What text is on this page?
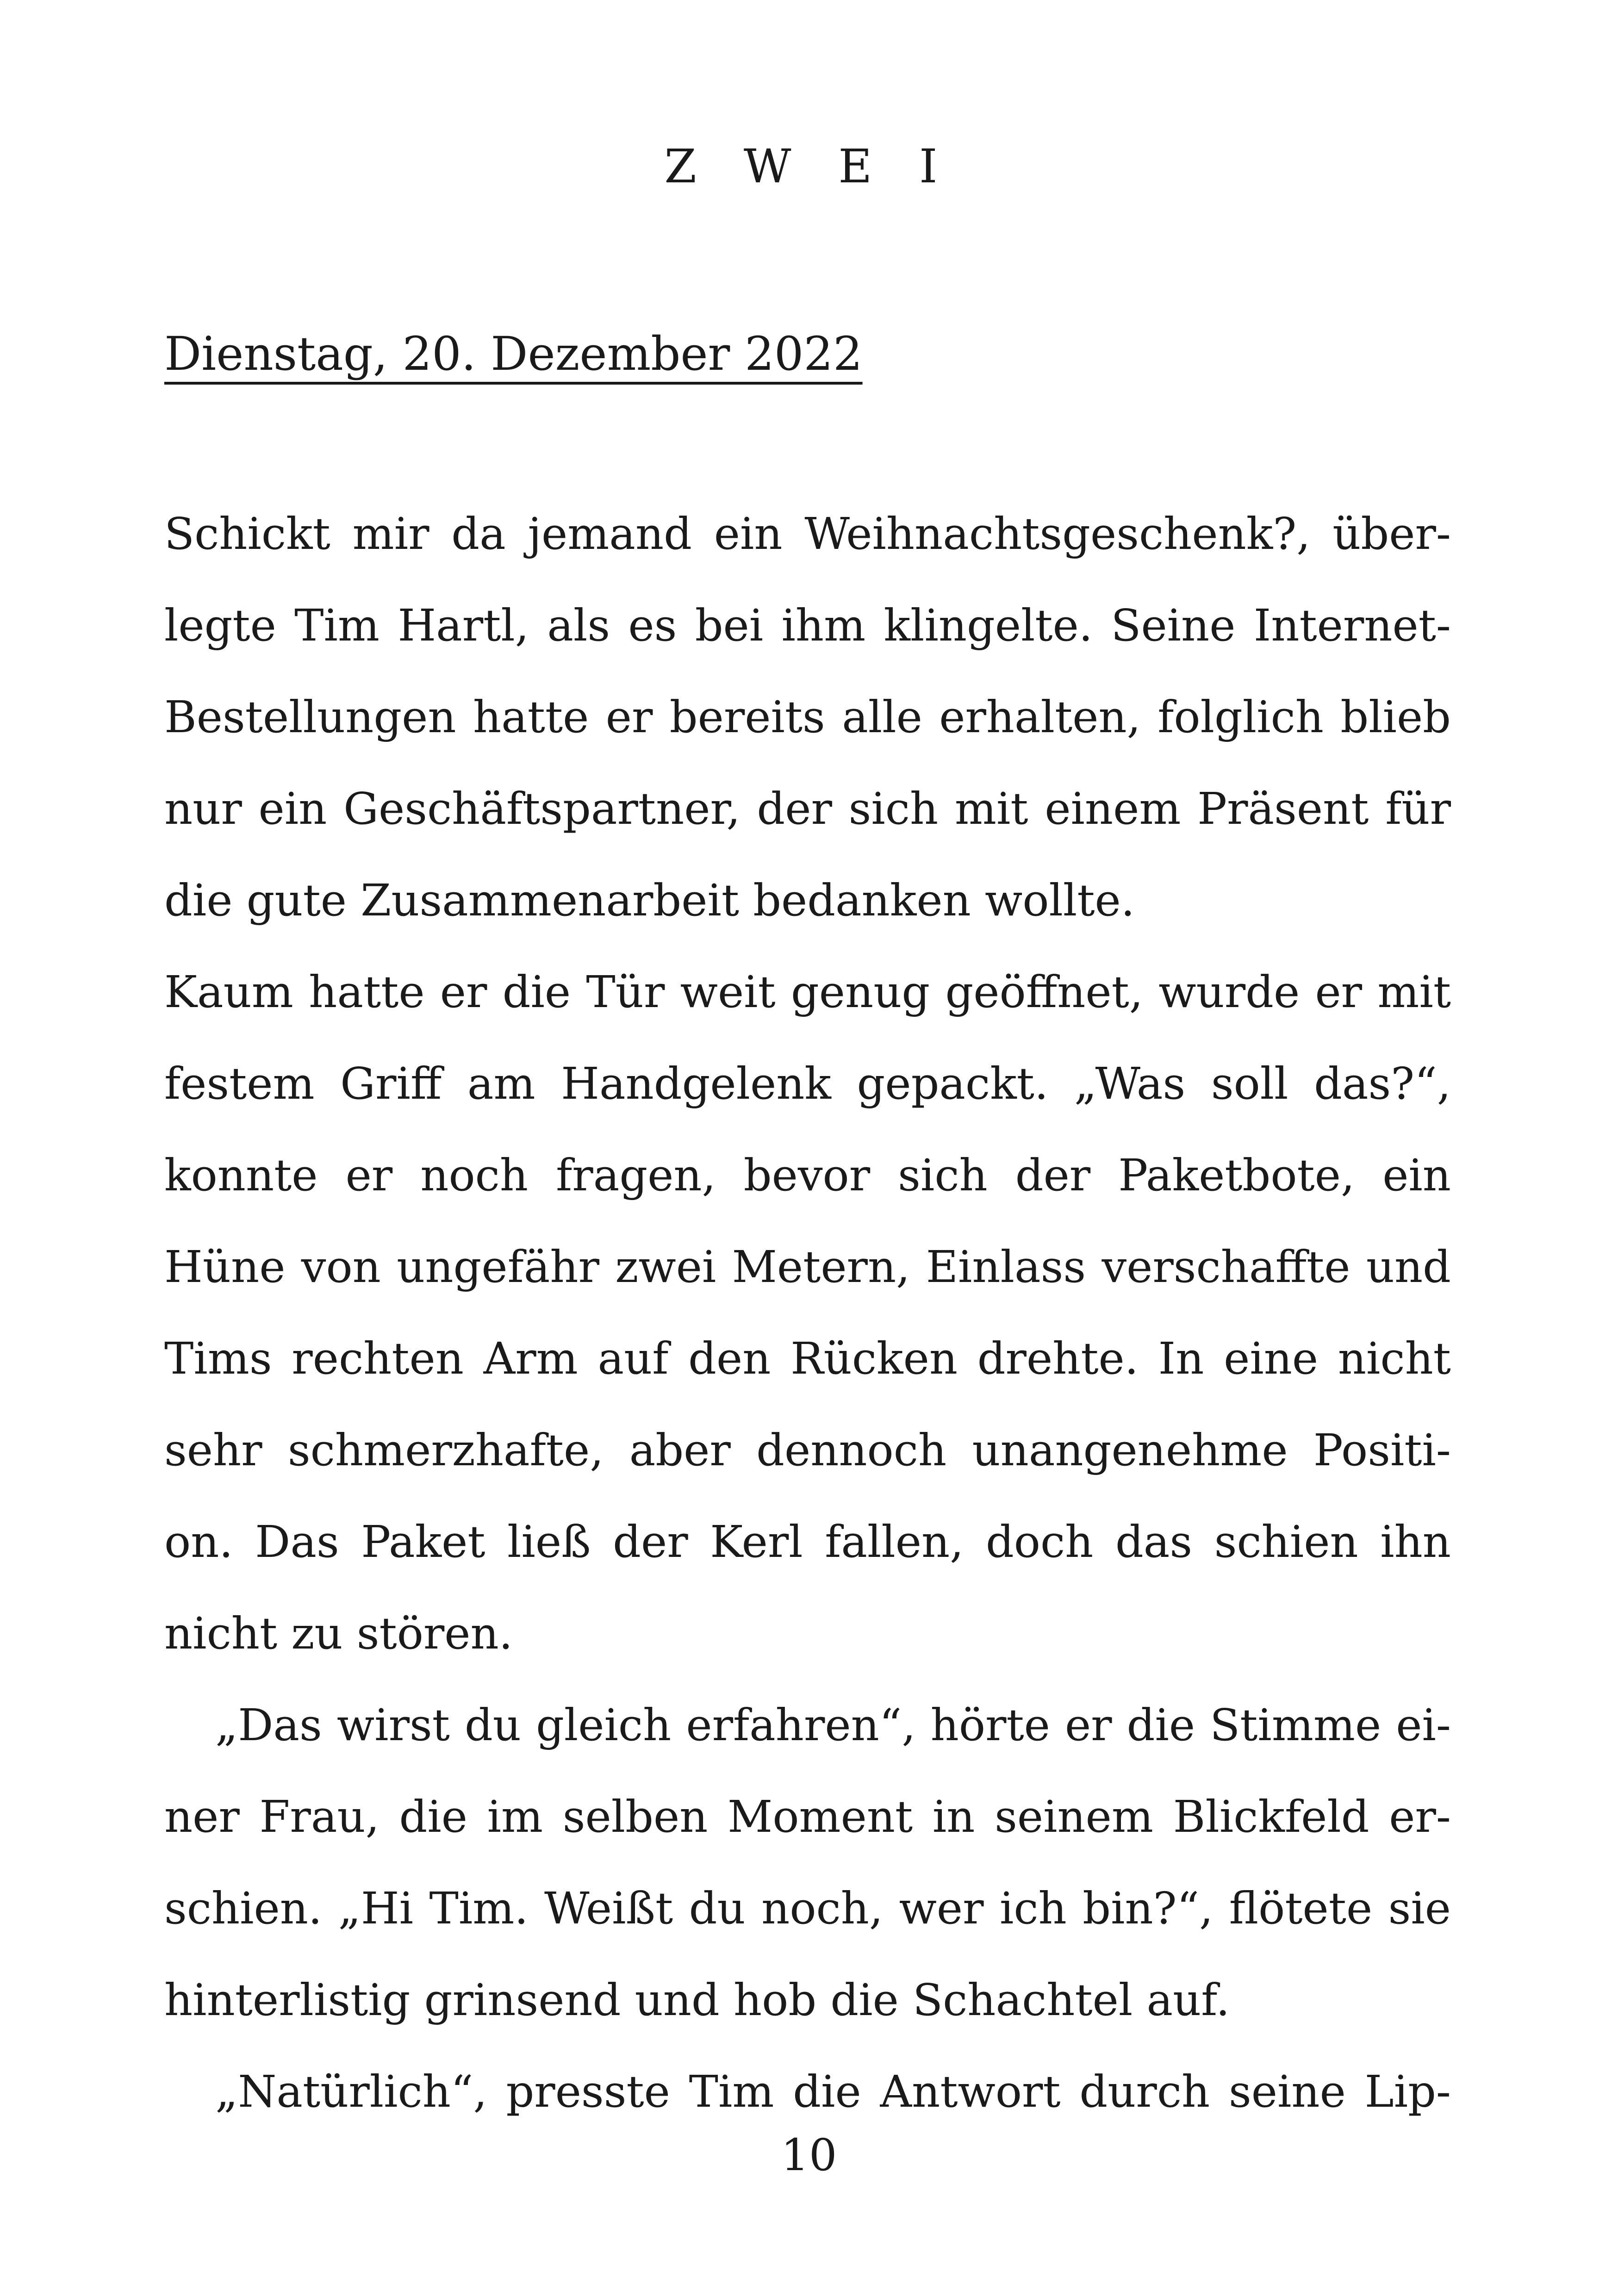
Z W E I
Dienstag, 20. Dezember 2022
Schickt mir da jemand ein Weihnachtsgeschenk?, über-
legte Tim Hartl, als es bei ihm klingelte. Seine Internet-
Bestellungen hatte er bereits alle erhalten, folglich blieb
nur ein Geschäftspartner, der sich mit einem Präsent für
die gute Zusammenarbeit bedanken wollte.
Kaum hatte er die Tür weit genug geöffnet, wurde er mit
festem Griff am Handgelenk gepackt. „Was soll das?“,
konnte er noch fragen, bevor sich der Paketbote, ein
Hüne von ungefähr zwei Metern, Einlass verschaffte und
Tims rechten Arm auf den Rücken drehte. In eine nicht
sehr schmerzhafte, aber dennoch unangenehme Positi-
on. Das Paket ließ der Kerl fallen, doch das schien ihn
nicht zu stören.
„Das wirst du gleich erfahren“, hörte er die Stimme ei-
ner Frau, die im selben Moment in seinem Blickfeld er-
schien. „Hi Tim. Weißt du noch, wer ich bin?“, flötete sie
hinterlistig grinsend und hob die Schachtel auf.
„Natürlich“, presste Tim die Antwort durch seine Lip-
10
